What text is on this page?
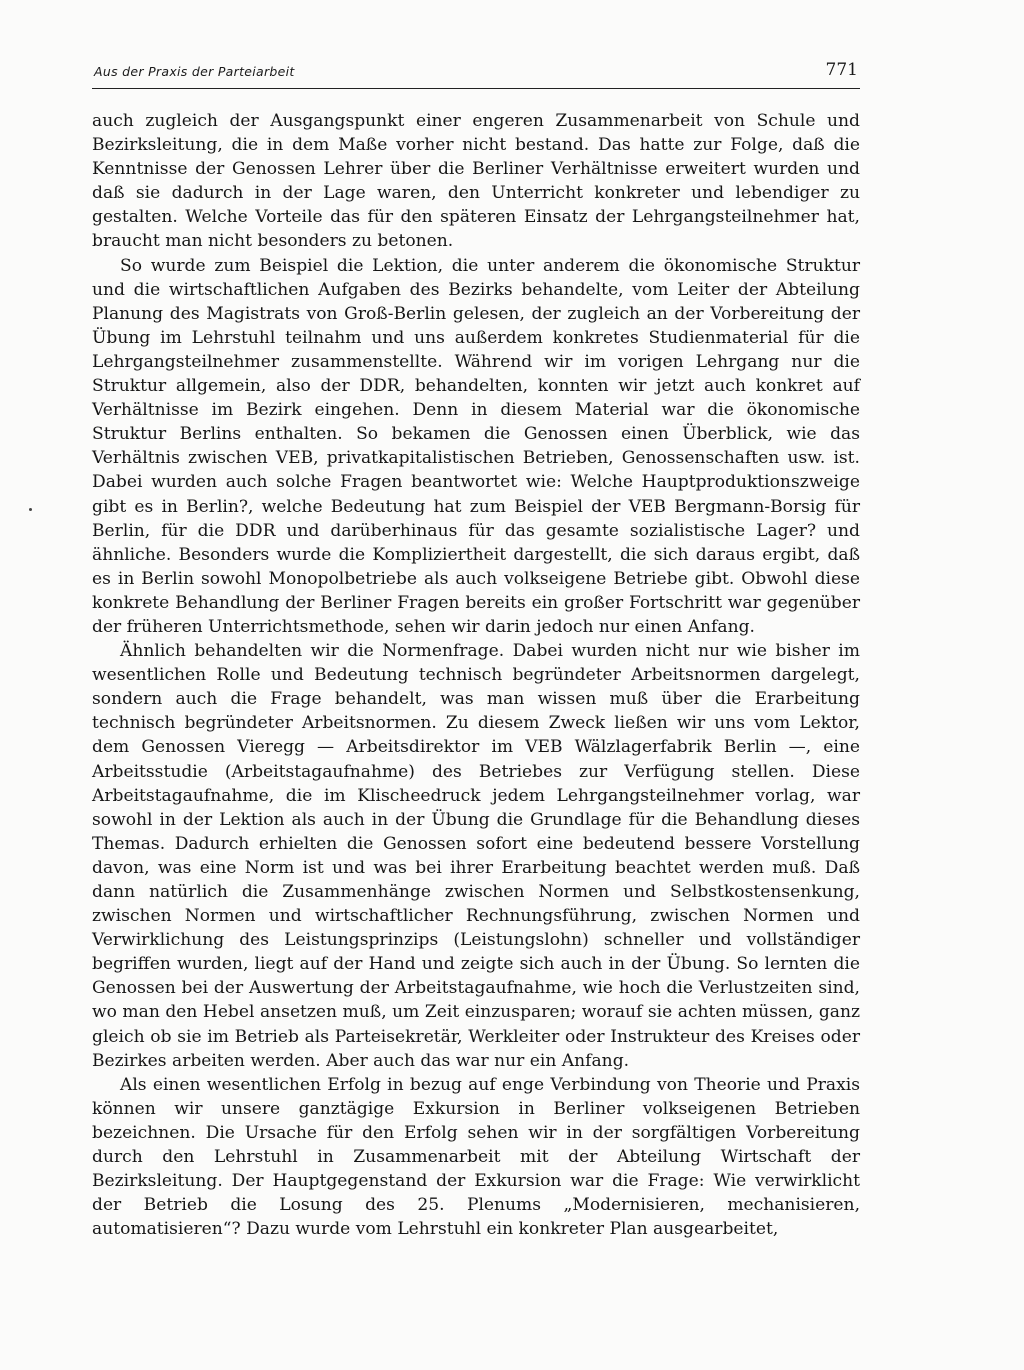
Aus der Praxis der Parteiarbeit	771

auch zugleich der Ausgangspunkt einer engeren Zusammenarbeit von Schule und Bezirksleitung, die in dem Maße vorher nicht bestand. Das hatte zur Folge, daß die Kenntnisse der Genossen Lehrer über die Berliner Verhältnisse erweitert wurden und daß sie dadurch in der Lage waren, den Unterricht konkreter und lebendiger zu gestalten. Welche Vorteile das für den späteren Einsatz der Lehrgangsteilnehmer hat, braucht man nicht besonders zu betonen.

So wurde zum Beispiel die Lektion, die unter anderem die ökonomische Struktur und die wirtschaftlichen Aufgaben des Bezirks behandelte, vom Leiter der Abteilung Planung des Magistrats von Groß-Berlin gelesen, der zugleich an der Vorbereitung der Übung im Lehrstuhl teilnahm und uns außerdem konkretes Studienmaterial für die Lehrgangsteilnehmer zusammenstellte. Während wir im vorigen Lehrgang nur die Struktur allgemein, also der DDR, behandelten, konnten wir jetzt auch konkret auf Verhältnisse im Bezirk eingehen. Denn in diesem Material war die ökonomische Struktur Berlins enthalten. So bekamen die Genossen einen Überblick, wie das Verhältnis zwischen VEB, privatkapitalistischen Betrieben, Genossenschaften usw. ist. Dabei wurden auch solche Fragen beantwortet wie: Welche Hauptproduktionszweige gibt es in Berlin?, welche Bedeutung hat zum Beispiel der VEB Bergmann-Borsig für Berlin, für die DDR und darüberhinaus für das gesamte sozialistische Lager? und ähnliche. Besonders wurde die Kompliziertheit dargestellt, die sich daraus ergibt, daß es in Berlin sowohl Monopolbetriebe als auch volkseigene Betriebe gibt. Obwohl diese konkrete Behandlung der Berliner Fragen bereits ein großer Fortschritt war gegenüber der früheren Unterrichtsmethode, sehen wir darin jedoch nur einen Anfang.

Ähnlich behandelten wir die Normenfrage. Dabei wurden nicht nur wie bisher im wesentlichen Rolle und Bedeutung technisch begründeter Arbeitsnormen dargelegt, sondern auch die Frage behandelt, was man wissen muß über die Erarbeitung technisch begründeter Arbeitsnormen. Zu diesem Zweck ließen wir uns vom Lektor, dem Genossen Vieregg — Arbeitsdirektor im VEB Wälzlagerfabrik Berlin —, eine Arbeitsstudie (Arbeitstagaufnahme) des Betriebes zur Verfügung stellen. Diese Arbeitstagaufnahme, die im Klischeedruck jedem Lehrgangsteilnehmer vorlag, war sowohl in der Lektion als auch in der Übung die Grundlage für die Behandlung dieses Themas. Dadurch erhielten die Genossen sofort eine bedeutend bessere Vorstellung davon, was eine Norm ist und was bei ihrer Erarbeitung beachtet werden muß. Daß dann natürlich die Zusammenhänge zwischen Normen und Selbstkostensenkung, zwischen Normen und wirtschaftlicher Rechnungsführung, zwischen Normen und Verwirklichung des Leistungsprinzips (Leistungslohn) schneller und vollständiger begriffen wurden, liegt auf der Hand und zeigte sich auch in der Übung. So lernten die Genossen bei der Auswertung der Arbeitstagaufnahme, wie hoch die Verlustzeiten sind, wo man den Hebel ansetzen muß, um Zeit einzusparen; worauf sie achten müssen, ganz gleich ob sie im Betrieb als Parteisekretär, Werkleiter oder Instrukteur des Kreises oder Bezirkes arbeiten werden. Aber auch das war nur ein Anfang.

Als einen wesentlichen Erfolg in bezug auf enge Verbindung von Theorie und Praxis können wir unsere ganztägige Exkursion in Berliner volkseigenen Betrieben bezeichnen. Die Ursache für den Erfolg sehen wir in der sorgfältigen Vorbereitung durch den Lehrstuhl in Zusammenarbeit mit der Abteilung Wirtschaft der Bezirksleitung. Der Hauptgegenstand der Exkursion war die Frage: Wie verwirklicht der Betrieb die Losung des 25. Plenums „Modernisieren, mechanisieren, automatisieren“? Dazu wurde vom Lehrstuhl ein konkreter Plan ausgearbeitet,
